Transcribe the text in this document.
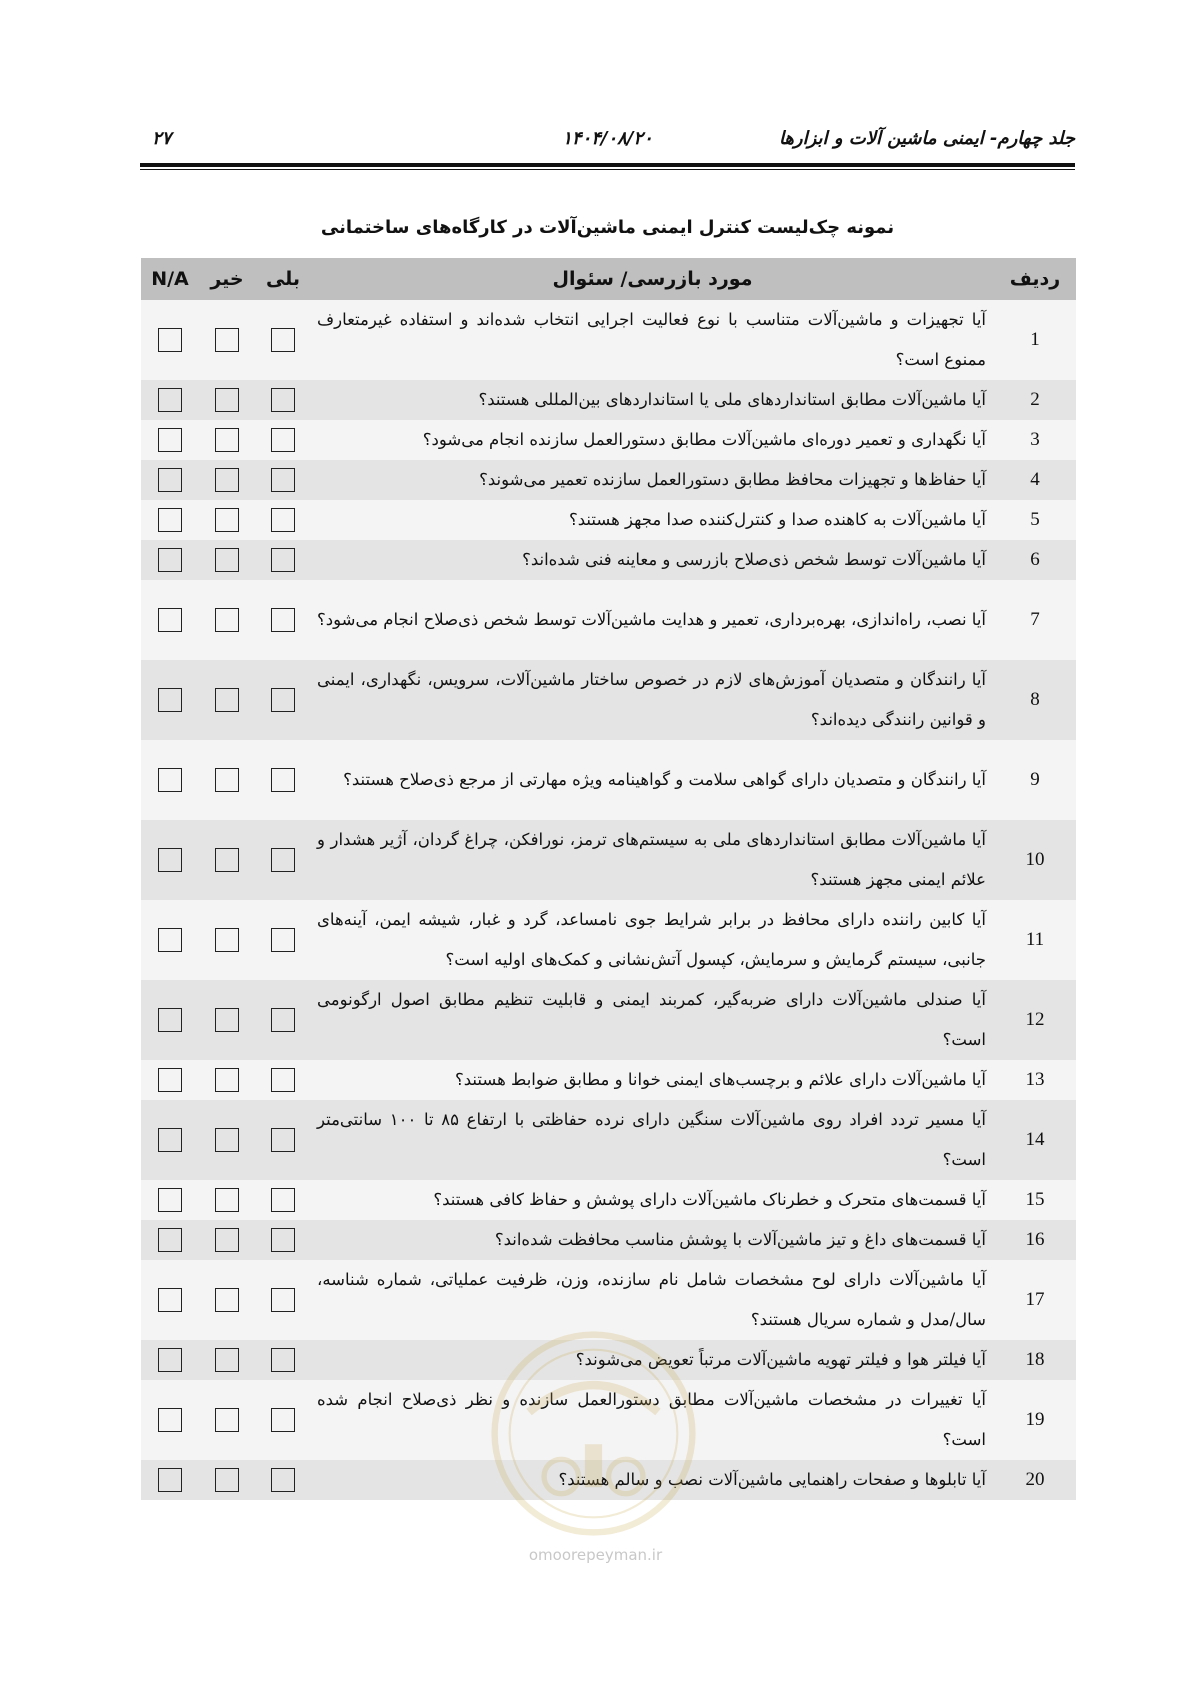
جلد چهارم- ایمنی ماشین آلات و ابزارها
۱۴۰۴/۰۸/۲۰
۲۷
نمونه چک‌لیست کنترل ایمنی ماشین‌آلات در کارگاه‌های ساختمانی
N/A	خیر	بلی	مورد بازرسی/ سئوال	ردیف

			آیا تجهیزات و ماشین‌آلات متناسب با نوع فعالیت اجرایی انتخاب شده‌اند و استفاده غیرمتعارف ممنوع است؟	1

			آیا ماشین‌آلات مطابق استانداردهای ملی یا استانداردهای بین‌المللی هستند؟	2

			آیا نگهداری و تعمیر دوره‌ای ماشین‌آلات مطابق دستورالعمل سازنده انجام می‌شود؟	3

			آیا حفاظ‌ها و تجهیزات محافظ مطابق دستورالعمل سازنده تعمیر می‌شوند؟	4

			آیا ماشین‌آلات به کاهنده صدا و کنترل‌کننده صدا مجهز هستند؟	5

			آیا ماشین‌آلات توسط شخص ذی‌صلاح بازرسی و معاینه فنی شده‌اند؟	6

			آیا نصب، راه‌اندازی، بهره‌برداری، تعمیر و هدایت ماشین‌آلات توسط شخص ذی‌صلاح انجام می‌شود؟	7

			آیا رانندگان و متصدیان آموزش‌های لازم در خصوص ساختار ماشین‌آلات، سرویس، نگهداری، ایمنی و قوانین رانندگی دیده‌اند؟	8

			آیا رانندگان و متصدیان دارای گواهی سلامت و گواهینامه ویژه مهارتی از مرجع ذی‌صلاح هستند؟	9

			آیا ماشین‌آلات مطابق استانداردهای ملی به سیستم‌های ترمز، نورافکن، چراغ گردان، آژیر هشدار و علائم ایمنی مجهز هستند؟	10

			آیا کابین راننده دارای محافظ در برابر شرایط جوی نامساعد، گرد و غبار، شیشه ایمن، آینه‌های جانبی، سیستم گرمایش و سرمایش، کپسول آتش‌نشانی و کمک‌های اولیه است؟	11

			آیا صندلی ماشین‌آلات دارای ضربه‌گیر، کمربند ایمنی و قابلیت تنظیم مطابق اصول ارگونومی است؟	12

			آیا ماشین‌آلات دارای علائم و برچسب‌های ایمنی خوانا و مطابق ضوابط هستند؟	13

			آیا مسیر تردد افراد روی ماشین‌آلات سنگین دارای نرده حفاظتی با ارتفاع ۸۵ تا ۱۰۰ سانتی‌متر است؟	14

			آیا قسمت‌های متحرک و خطرناک ماشین‌آلات دارای پوشش و حفاظ کافی هستند؟	15

			آیا قسمت‌های داغ و تیز ماشین‌آلات با پوشش مناسب محافظت شده‌اند؟	16

			آیا ماشین‌آلات دارای لوح مشخصات شامل نام سازنده، وزن، ظرفیت عملیاتی، شماره شناسه، سال/مدل و شماره سریال هستند؟	17

			آیا فیلتر هوا و فیلتر تهویه ماشین‌آلات مرتباً تعویض می‌شوند؟	18

			آیا تغییرات در مشخصات ماشین‌آلات مطابق دستورالعمل سازنده و نظر ذی‌صلاح انجام شده است؟	19

			آیا تابلوها و صفحات راهنمایی ماشین‌آلات نصب و سالم هستند؟	20
omoorepeyman.ir
